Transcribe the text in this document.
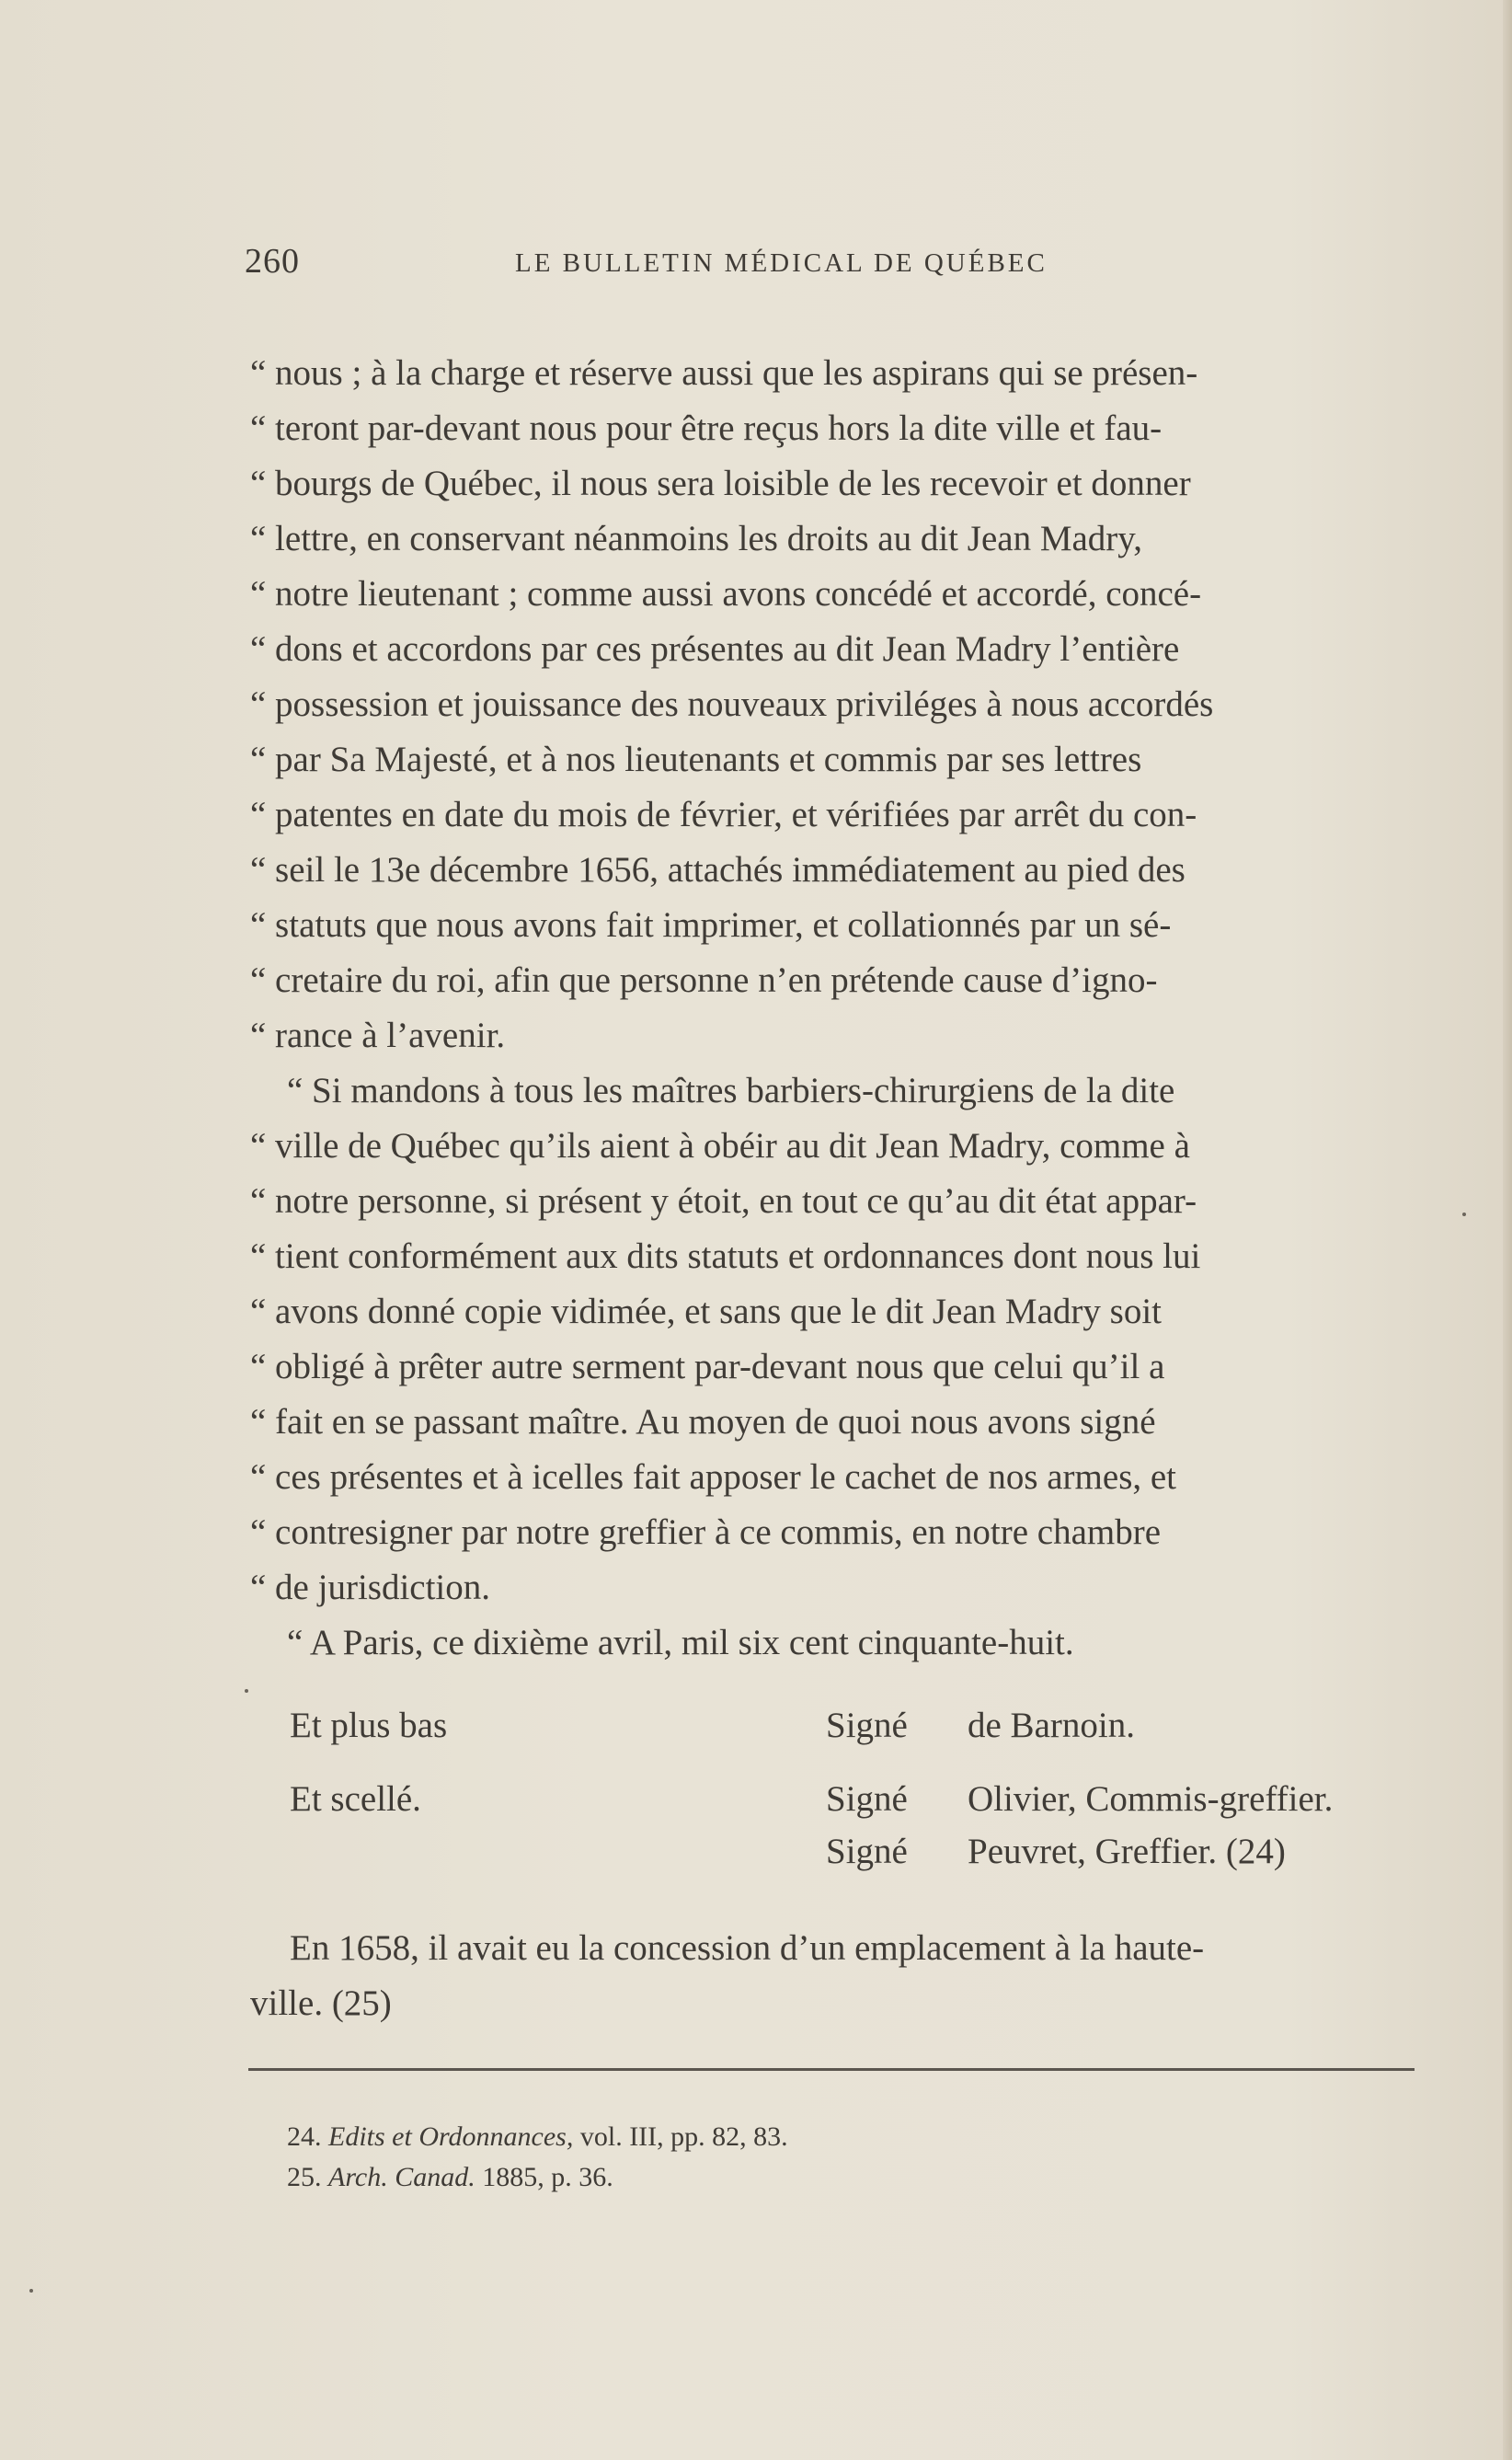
260	LE BULLETIN MÉDICAL DE QUÉBEC
“ nous ; à la charge et réserve aussi que les aspirans qui se présen-
“ teront par-devant nous pour être reçus hors la dite ville et fau-
“ bourgs de Québec, il nous sera loisible de les recevoir et donner
“ lettre, en conservant néanmoins les droits au dit Jean Madry,
“ notre lieutenant ; comme aussi avons concédé et accordé, concé-
“ dons et accordons par ces présentes au dit Jean Madry l’entière
“ possession et jouissance des nouveaux priviléges à nous accordés
“ par Sa Majesté, et à nos lieutenants et commis par ses lettres
“ patentes en date du mois de février, et vérifiées par arrêt du con-
“ seil le 13e décembre 1656, attachés immédiatement au pied des
“ statuts que nous avons fait imprimer, et collationnés par un sé-
“ cretaire du roi, afin que personne n’en prétende cause d’igno-
“ rance à l’avenir.
“ Si mandons à tous les maîtres barbiers-chirurgiens de la dite
“ ville de Québec qu’ils aient à obéir au dit Jean Madry, comme à
“ notre personne, si présent y étoit, en tout ce qu’au dit état appar-
“ tient conformément aux dits statuts et ordonnances dont nous lui
“ avons donné copie vidimée, et sans que le dit Jean Madry soit
“ obligé à prêter autre serment par-devant nous que celui qu’il a
“ fait en se passant maître. Au moyen de quoi nous avons signé
“ ces présentes et à icelles fait apposer le cachet de nos armes, et
“ contresigner par notre greffier à ce commis, en notre chambre
“ de jurisdiction.
“ A Paris, ce dixième avril, mil six cent cinquante-huit.
Et plus bas
Et scellé.
Signé de Barnoin.
Signé Olivier, Commis-greffier.
Signé Peuvret, Greffier. (24)
En 1658, il avait eu la concession d’un emplacement à la haute-
ville. (25)
24. Edits et Ordonnances, vol. III, pp. 82, 83.
25. Arch. Canad. 1885, p. 36.
